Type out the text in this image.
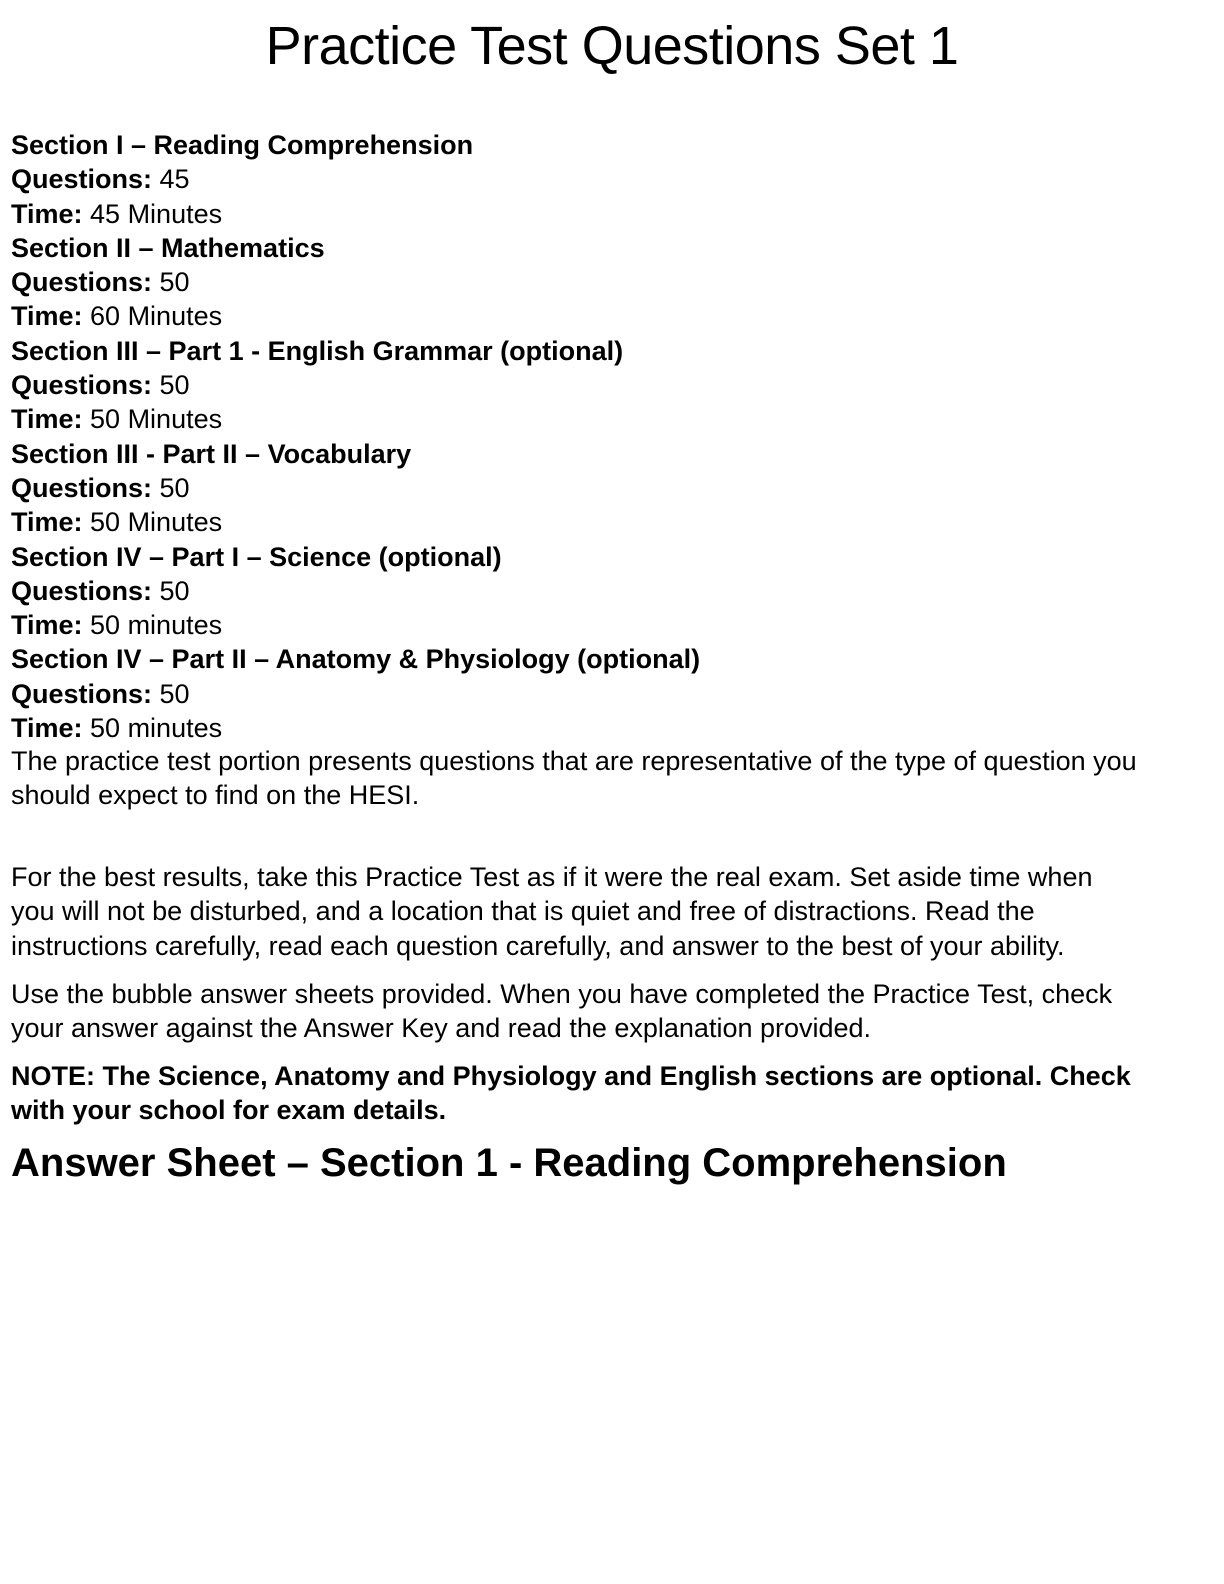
Practice Test Questions Set 1
Section I – Reading Comprehension
Questions: 45
Time: 45 Minutes
Section II – Mathematics
Questions: 50
Time: 60 Minutes
Section III – Part 1 - English Grammar (optional)
Questions: 50
Time: 50 Minutes
Section III - Part II – Vocabulary
Questions: 50
Time: 50 Minutes
Section IV – Part I – Science (optional)
Questions: 50
Time: 50 minutes
Section IV – Part II – Anatomy & Physiology (optional)
Questions: 50
Time: 50 minutes

The practice test portion presents questions that are representative of the type of question you
should expect to find on the HESI.

For the best results, take this Practice Test as if it were the real exam. Set aside time when
you will not be disturbed, and a location that is quiet and free of distractions. Read the
instructions carefully, read each question carefully, and answer to the best of your ability.

Use the bubble answer sheets provided. When you have completed the Practice Test, check
your answer against the Answer Key and read the explanation provided.

NOTE: The Science, Anatomy and Physiology and English sections are optional. Check
with your school for exam details.

Answer Sheet – Section 1 - Reading Comprehension
